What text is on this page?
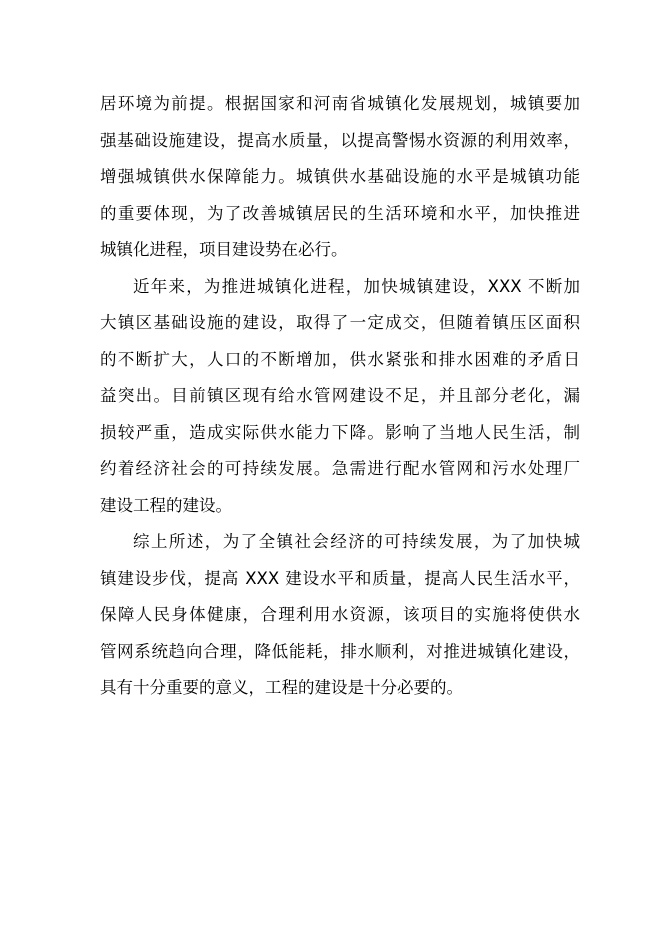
居环境为前提。根据国家和河南省城镇化发展规划，城镇要加
强基础设施建设，提高水质量，以提高警惕水资源的利用效率，
增强城镇供水保障能力。城镇供水基础设施的水平是城镇功能
的重要体现，为了改善城镇居民的生活环境和水平，加快推进
城镇化进程，项目建设势在必行。
近年来，为推进城镇化进程，加快城镇建设，XXX 不断加
大镇区基础设施的建设，取得了一定成交，但随着镇压区面积
的不断扩大，人口的不断增加，供水紧张和排水困难的矛盾日
益突出。目前镇区现有给水管网建设不足，并且部分老化，漏
损较严重，造成实际供水能力下降。影响了当地人民生活，制
约着经济社会的可持续发展。急需进行配水管网和污水处理厂
建设工程的建设。
综上所述，为了全镇社会经济的可持续发展，为了加快城
镇建设步伐，提高 XXX 建设水平和质量，提高人民生活水平，
保障人民身体健康，合理利用水资源，该项目的实施将使供水
管网系统趋向合理，降低能耗，排水顺利，对推进城镇化建设，
具有十分重要的意义，工程的建设是十分必要的。
